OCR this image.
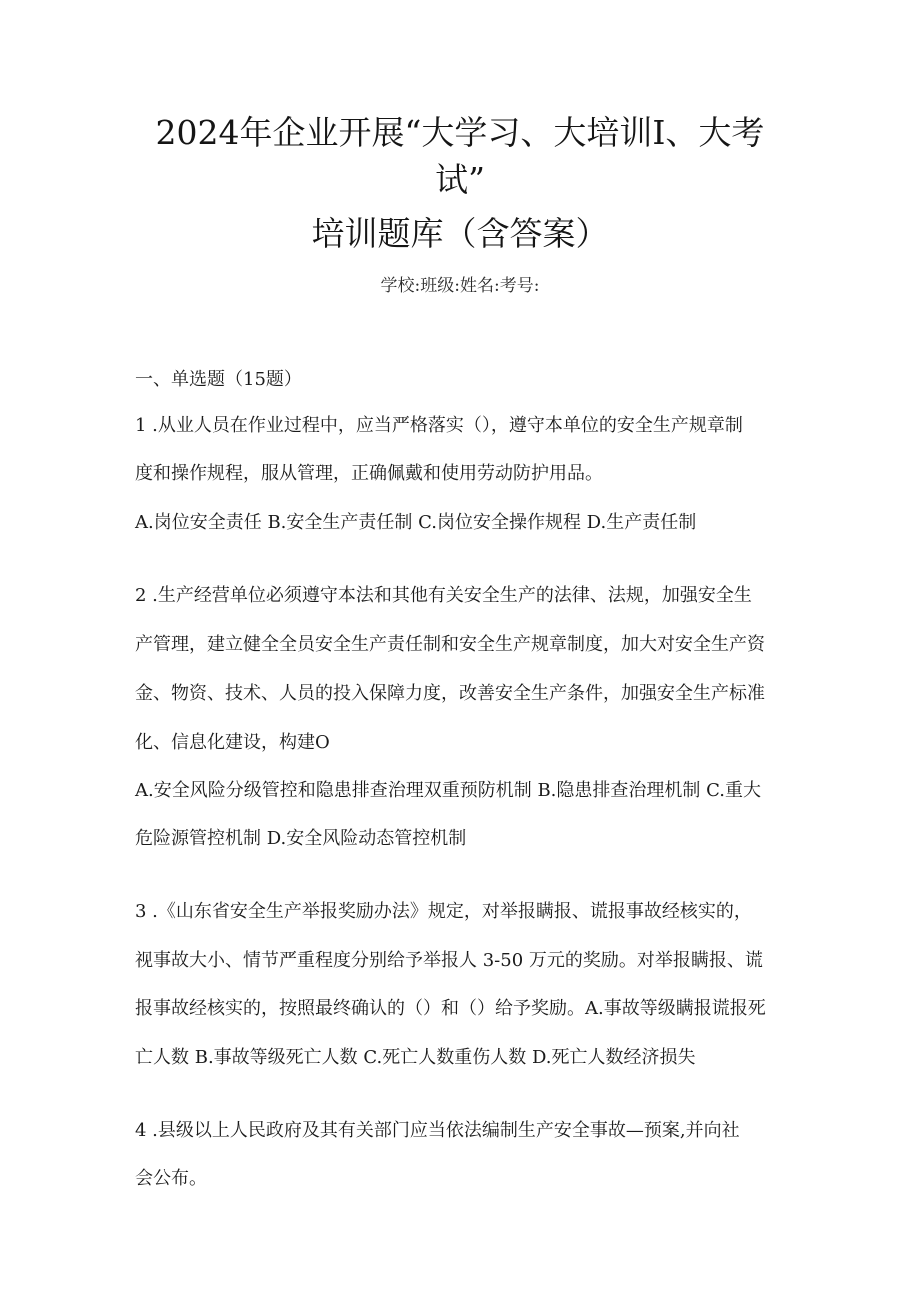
2024年企业开展“大学习、大培训I、大考
试”
培训题库（含答案）
学校:班级:姓名:考号:
一、单选题（15题）
1 .从业人员在作业过程中，应当严格落实（），遵守本单位的安全生产规章制
度和操作规程，服从管理，正确佩戴和使用劳动防护用品。
A.岗位安全责任 B.安全生产责任制 C.岗位安全操作规程 D.生产责任制
2 .生产经营单位必须遵守本法和其他有关安全生产的法律、法规，加强安全生
产管理，建立健全全员安全生产责任制和安全生产规章制度，加大对安全生产资
金、物资、技术、人员的投入保障力度，改善安全生产条件，加强安全生产标准
化、信息化建设，构建O
A.安全风险分级管控和隐患排查治理双重预防机制 B.隐患排查治理机制 C.重大
危险源管控机制 D.安全风险动态管控机制
3 .《山东省安全生产举报奖励办法》规定，对举报瞒报、谎报事故经核实的，
视事故大小、情节严重程度分别给予举报人 3-50 万元的奖励。对举报瞒报、谎
报事故经核实的，按照最终确认的（）和（）给予奖励。A.事故等级瞒报谎报死
亡人数 B.事故等级死亡人数 C.死亡人数重伤人数 D.死亡人数经济损失
4 .县级以上人民政府及其有关部门应当依法编制生产安全事故—预案,并向社
会公布。
